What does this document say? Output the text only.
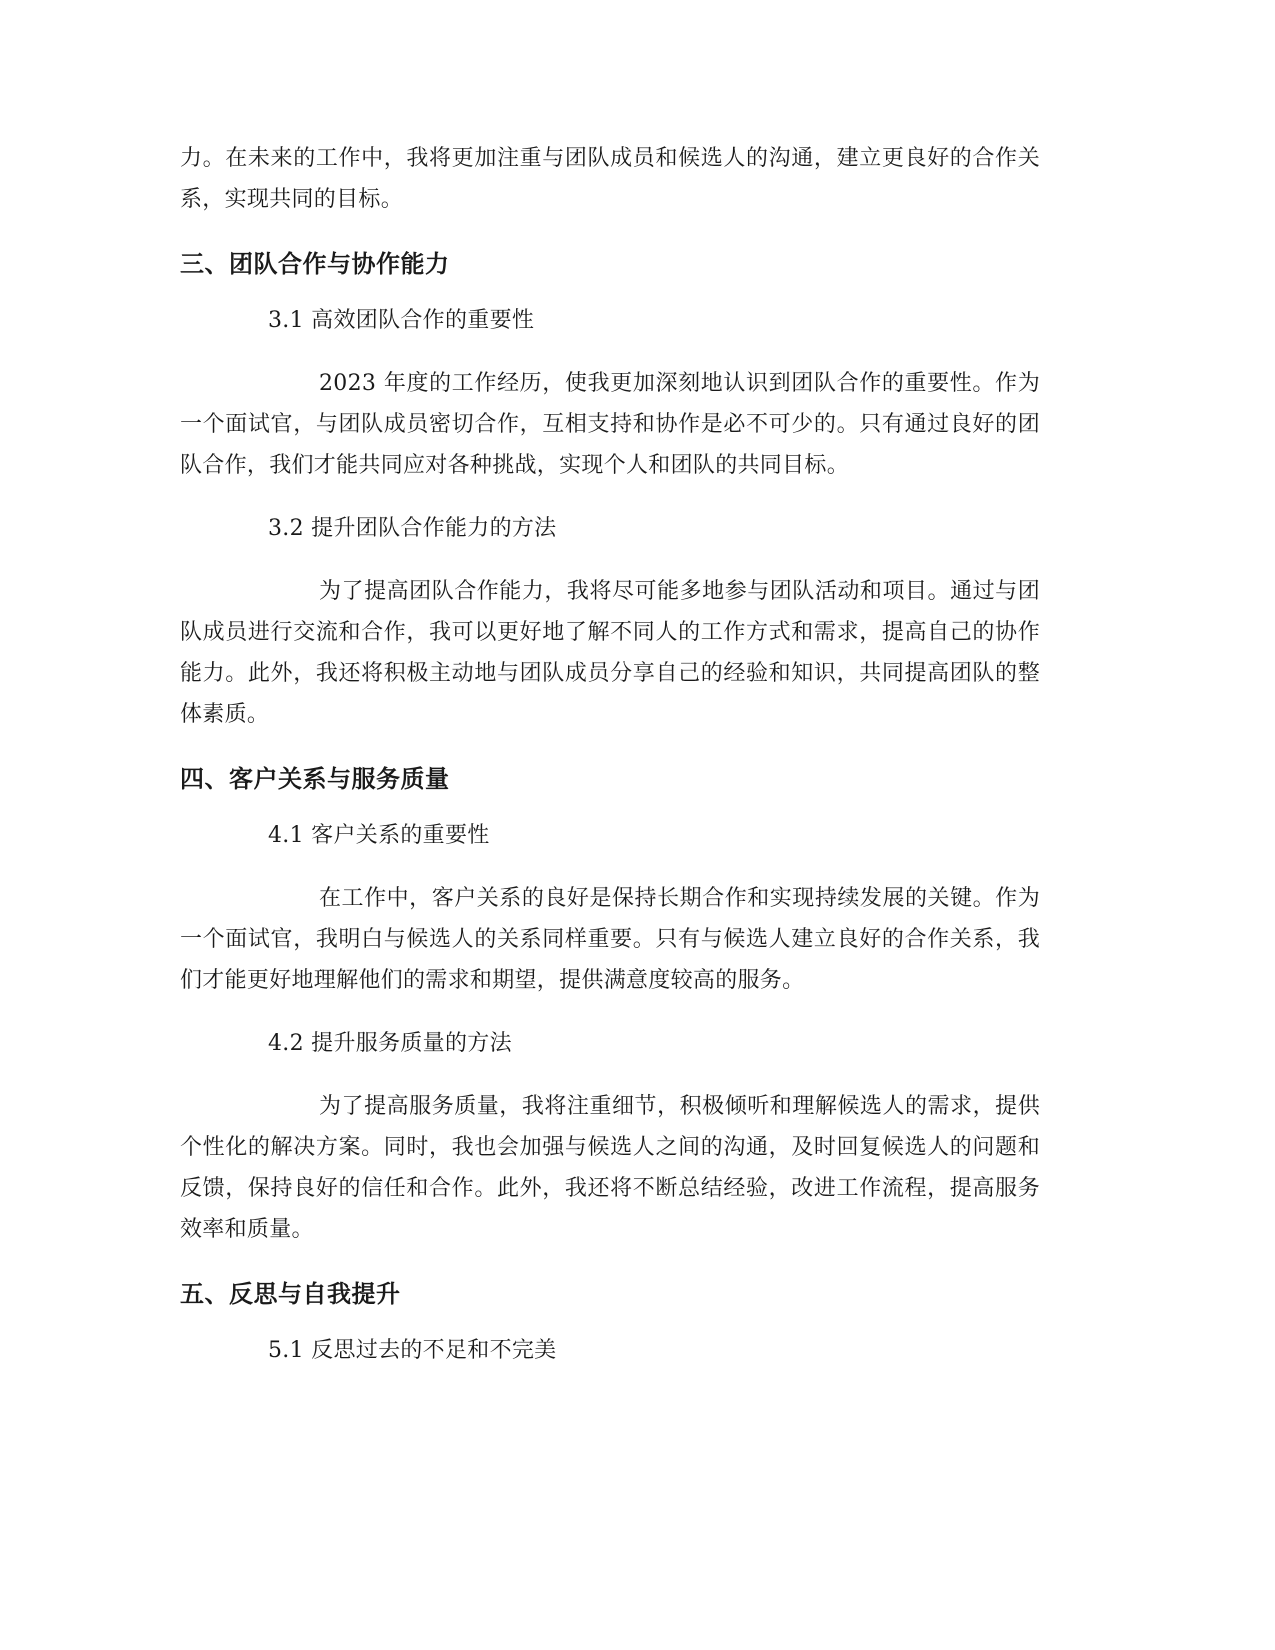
力。在未来的工作中，我将更加注重与团队成员和候选人的沟通，建立更良好的合作关系，实现共同的目标。

三、团队合作与协作能力

3.1 高效团队合作的重要性

2023 年度的工作经历，使我更加深刻地认识到团队合作的重要性。作为一个面试官，与团队成员密切合作，互相支持和协作是必不可少的。只有通过良好的团队合作，我们才能共同应对各种挑战，实现个人和团队的共同目标。

3.2 提升团队合作能力的方法

为了提高团队合作能力，我将尽可能多地参与团队活动和项目。通过与团队成员进行交流和合作，我可以更好地了解不同人的工作方式和需求，提高自己的协作能力。此外，我还将积极主动地与团队成员分享自己的经验和知识，共同提高团队的整体素质。

四、客户关系与服务质量

4.1 客户关系的重要性

在工作中，客户关系的良好是保持长期合作和实现持续发展的关键。作为一个面试官，我明白与候选人的关系同样重要。只有与候选人建立良好的合作关系，我们才能更好地理解他们的需求和期望，提供满意度较高的服务。

4.2 提升服务质量的方法

为了提高服务质量，我将注重细节，积极倾听和理解候选人的需求，提供个性化的解决方案。同时，我也会加强与候选人之间的沟通，及时回复候选人的问题和反馈，保持良好的信任和合作。此外，我还将不断总结经验，改进工作流程，提高服务效率和质量。

五、反思与自我提升

5.1 反思过去的不足和不完美
